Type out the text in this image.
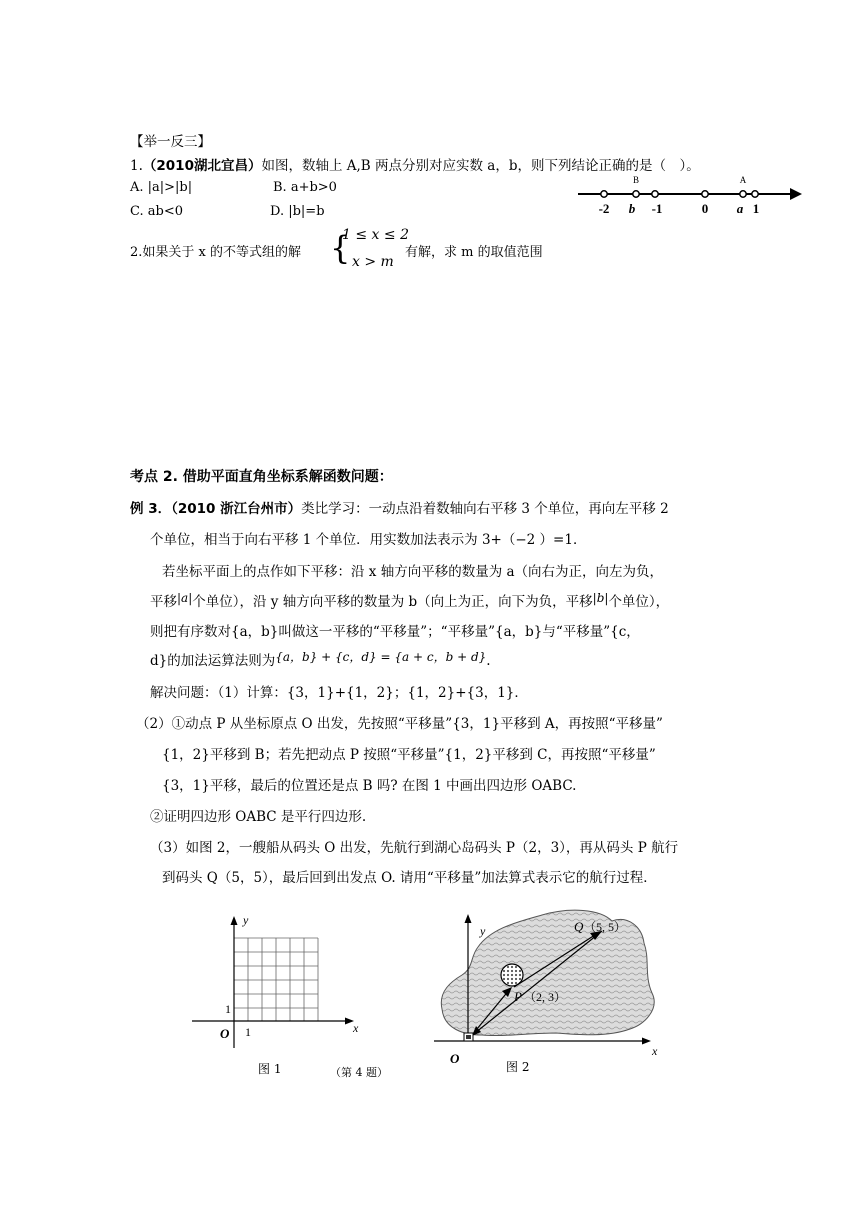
【举一反三】
1.（2010湖北宜昌）如图，数轴上 A,B 两点分别对应实数 a，b，则下列结论正确的是（　）。
A. |a|>|b|	B. a+b>0
C. ab<0	D. |b|=b
B	A
-2 b -1	0 a 1
2.如果关于 x 的不等式组的解 {
1 ≤ x ≤ 2
x > m
有解，求 m 的取值范围
考点 2. 借助平面直角坐标系解函数问题：
例 3．（2010 浙江台州市）类比学习：一动点沿着数轴向右平移 3 个单位，再向左平移 2
个单位，相当于向右平移 1 个单位．用实数加法表示为 3+（−2 ）=1．
若坐标平面上的点作如下平移：沿 x 轴方向平移的数量为 a（向右为正，向左为负，
平移|a|个单位），沿 y 轴方向平移的数量为 b（向上为正，向下为负，平移|b|个单位），
则把有序数对{a，b}叫做这一平移的“平移量”；“平移量”{a，b}与“平移量”{c，
d}的加法运算法则为{a，b} + {c，d} = {a + c，b + d}.
解决问题：（1）计算：{3，1}+{1，2}；{1，2}+{3，1}．
（2）①动点 P 从坐标原点 O 出发，先按照“平移量”{3，1}平移到 A，再按照“平移量”
{1，2}平移到 B；若先把动点 P 按照“平移量”{1，2}平移到 C，再按照“平移量”
{3，1}平移，最后的位置还是点 B 吗? 在图 1 中画出四边形 OABC.
②证明四边形 OABC 是平行四边形.
（3）如图 2，一艘船从码头 O 出发，先航行到湖心岛码头 P（2，3），再从码头 P 航行
到码头 Q（5，5），最后回到出发点 O. 请用“平移量”加法算式表示它的航行过程．
y
x
O
1
1
图 1	（第 4 题）
y
x
O
Q （5, 5）
P （2, 3）
图 2
